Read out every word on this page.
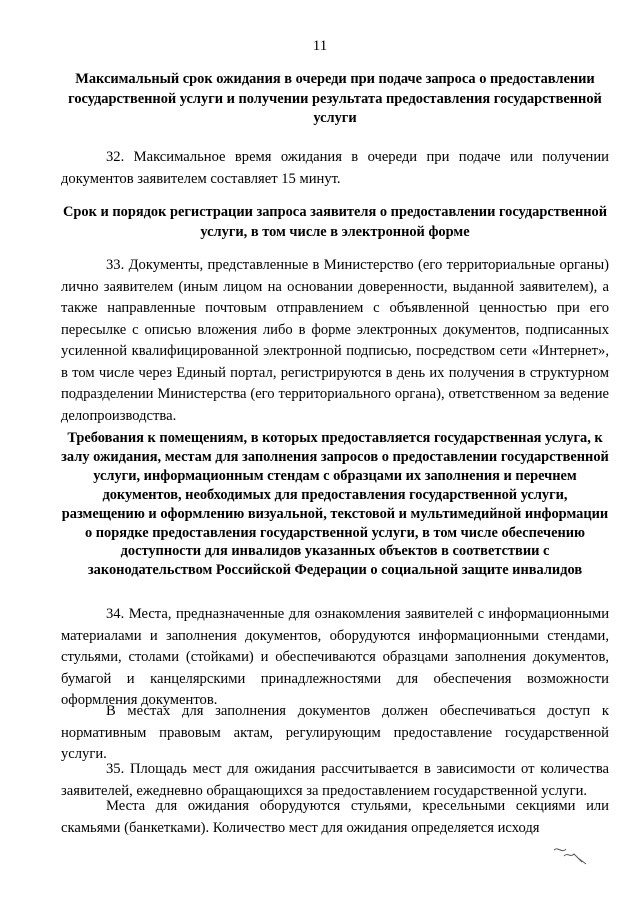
11
Максимальный срок ожидания в очереди при подаче запроса о предоставлении государственной услуги и получении результата предоставления государственной услуги
32. Максимальное время ожидания в очереди при подаче или получении документов заявителем составляет 15 минут.
Срок и порядок регистрации запроса заявителя о предоставлении государственной услуги, в том числе в электронной форме
33. Документы, представленные в Министерство (его территориальные органы) лично заявителем (иным лицом на основании доверенности, выданной заявителем), а также направленные почтовым отправлением с объявленной ценностью при его пересылке с описью вложения либо в форме электронных документов, подписанных усиленной квалифицированной электронной подписью, посредством сети «Интернет», в том числе через Единый портал, регистрируются в день их получения в структурном подразделении Министерства (его территориального органа), ответственном за ведение делопроизводства.
Требования к помещениям, в которых предоставляется государственная услуга, к залу ожидания, местам для заполнения запросов о предоставлении государственной услуги, информационным стендам с образцами их заполнения и перечнем документов, необходимых для предоставления государственной услуги, размещению и оформлению визуальной, текстовой и мультимедийной информации о порядке предоставления государственной услуги, в том числе обеспечению доступности для инвалидов указанных объектов в соответствии с законодательством Российской Федерации о социальной защите инвалидов
34. Места, предназначенные для ознакомления заявителей с информационными материалами и заполнения документов, оборудуются информационными стендами, стульями, столами (стойками) и обеспечиваются образцами заполнения документов, бумагой и канцелярскими принадлежностями для обеспечения возможности оформления документов.
В местах для заполнения документов должен обеспечиваться доступ к нормативным правовым актам, регулирующим предоставление государственной услуги.
35. Площадь мест для ожидания рассчитывается в зависимости от количества заявителей, ежедневно обращающихся за предоставлением государственной услуги.
Места для ожидания оборудуются стульями, кресельными секциями или скамьями (банкетками). Количество мест для ожидания определяется исходя
